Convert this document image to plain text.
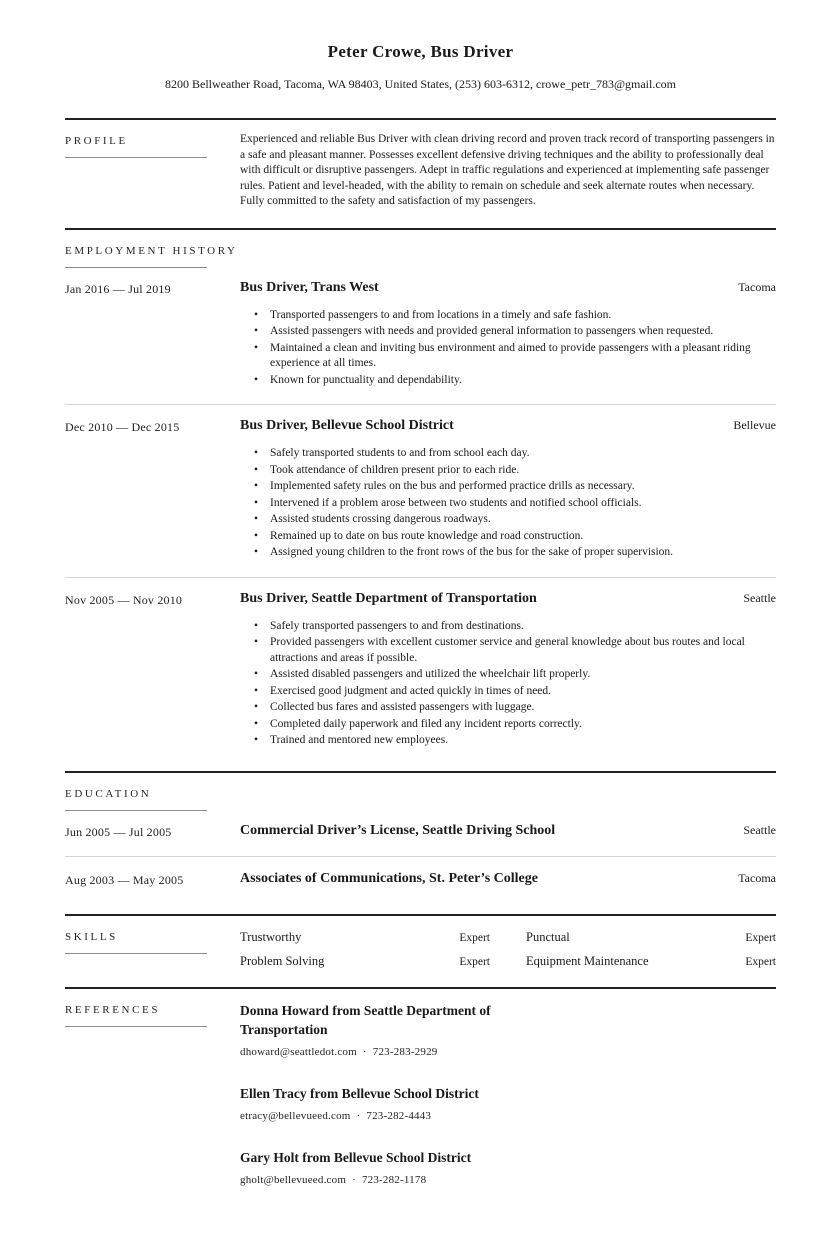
Peter Crowe, Bus Driver

8200 Bellweather Road, Tacoma, WA 98403, United States, (253) 603-6312, crowe_petr_783@gmail.com

PROFILE	Experienced and reliable Bus Driver with clean driving record and proven track record of transporting passengers in a safe and pleasant manner. Possesses excellent defensive driving techniques and the ability to professionally deal with difficult or disruptive passengers. Adept in traffic regulations and experienced at implementing safe passenger rules. Patient and level-headed, with the ability to remain on schedule and seek alternate routes when necessary. Fully committed to the safety and satisfaction of my passengers.

EMPLOYMENT HISTORY
Jan 2016 — Jul 2019	Bus Driver, Trans West	Tacoma
• Transported passengers to and from locations in a timely and safe fashion.
• Assisted passengers with needs and provided general information to passengers when requested.
• Maintained a clean and inviting bus environment and aimed to provide passengers with a pleasant riding experience at all times.
• Known for punctuality and dependability.
Dec 2010 — Dec 2015	Bus Driver, Bellevue School District	Bellevue
• Safely transported students to and from school each day.
• Took attendance of children present prior to each ride.
• Implemented safety rules on the bus and performed practice drills as necessary.
• Intervened if a problem arose between two students and notified school officials.
• Assisted students crossing dangerous roadways.
• Remained up to date on bus route knowledge and road construction.
• Assigned young children to the front rows of the bus for the sake of proper supervision.
Nov 2005 — Nov 2010	Bus Driver, Seattle Department of Transportation	Seattle
• Safely transported passengers to and from destinations.
• Provided passengers with excellent customer service and general knowledge about bus routes and local attractions and areas if possible.
• Assisted disabled passengers and utilized the wheelchair lift properly.
• Exercised good judgment and acted quickly in times of need.
• Collected bus fares and assisted passengers with luggage.
• Completed daily paperwork and filed any incident reports correctly.
• Trained and mentored new employees.
EDUCATION
Jun 2005 — Jul 2005	Commercial Driver’s License, Seattle Driving School	Seattle
Aug 2003 — May 2005	Associates of Communications, St. Peter’s College	Tacoma
SKILLS	Trustworthy	Expert	Punctual	Expert
Problem Solving	Expert	Equipment Maintenance	Expert
REFERENCES	Donna Howard from Seattle Department of Transportation

dhoward@seattledot.com · 723-283-2929

Ellen Tracy from Bellevue School District

etracy@bellevueed.com · 723-282-4443

Gary Holt from Bellevue School District

gholt@bellevueed.com · 723-282-1178
